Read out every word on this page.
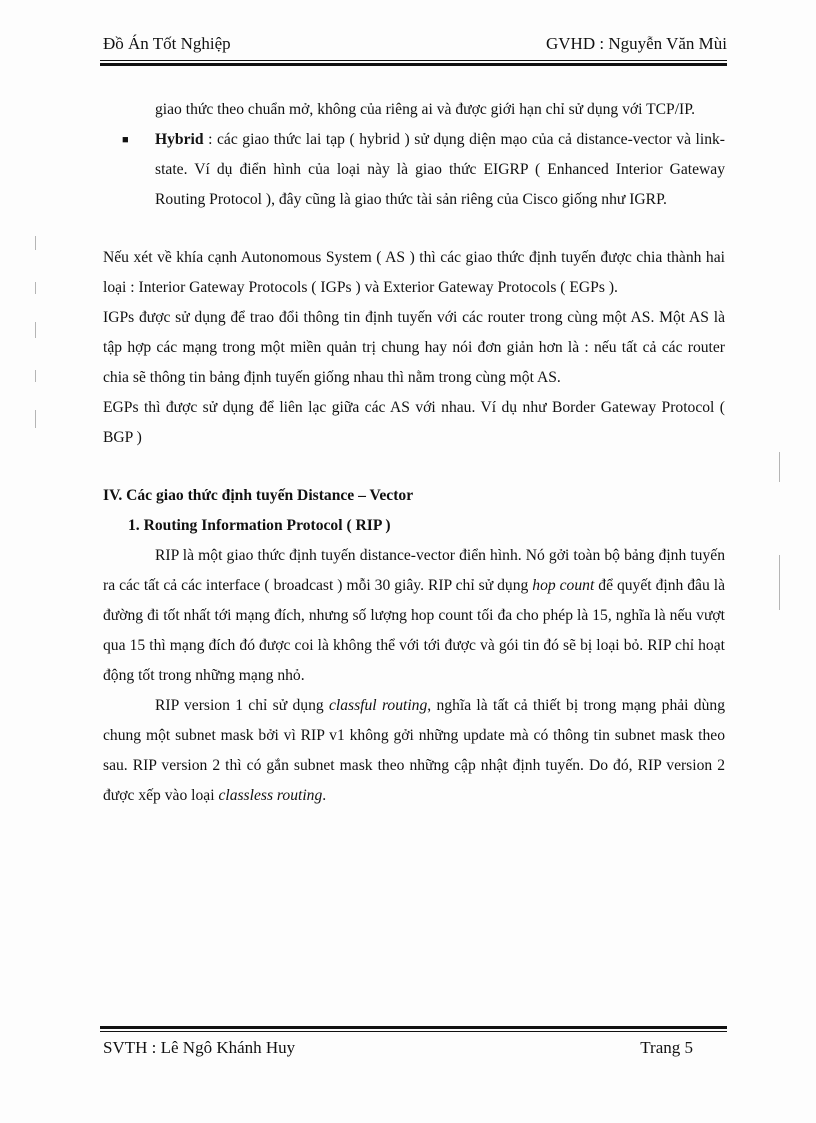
Đồ Án Tốt Nghiệp	GVHD : Nguyễn Văn Mùi

giao thức theo chuẩn mở, không của riêng ai và được giới hạn chỉ sử dụng với TCP/IP.

■ Hybrid : các giao thức lai tạp ( hybrid ) sử dụng diện mạo của cả distance-vector và link-state. Ví dụ điển hình của loại này là giao thức EIGRP ( Enhanced Interior Gateway Routing Protocol ), đây cũng là giao thức tài sản riêng của Cisco giống như IGRP.

Nếu xét về khía cạnh Autonomous System ( AS ) thì các giao thức định tuyến được chia thành hai loại : Interior Gateway Protocols ( IGPs ) và Exterior Gateway Protocols ( EGPs ).

IGPs được sử dụng để trao đổi thông tin định tuyến với các router trong cùng một AS. Một AS là tập hợp các mạng trong một miền quản trị chung hay nói đơn giản hơn là : nếu tất cả các router chia sẽ thông tin bảng định tuyến giống nhau thì nằm trong cùng một AS.

EGPs thì được sử dụng để liên lạc giữa các AS với nhau. Ví dụ như Border Gateway Protocol ( BGP )

IV. Các giao thức định tuyến Distance – Vector

1. Routing Information Protocol ( RIP )

RIP là một giao thức định tuyến distance-vector điển hình. Nó gởi toàn bộ bảng định tuyến ra các tất cả các interface ( broadcast ) mỗi 30 giây. RIP chỉ sử dụng hop count để quyết định đâu là đường đi tốt nhất tới mạng đích, nhưng số lượng hop count tối đa cho phép là 15, nghĩa là nếu vượt qua 15 thì mạng đích đó được coi là không thể với tới được và gói tin đó sẽ bị loại bỏ. RIP chỉ hoạt động tốt trong những mạng nhỏ.

RIP version 1 chỉ sử dụng classful routing, nghĩa là tất cả thiết bị trong mạng phải dùng chung một subnet mask bởi vì RIP v1 không gởi những update mà có thông tin subnet mask theo sau. RIP version 2 thì có gắn subnet mask theo những cập nhật định tuyến. Do đó, RIP version 2 được xếp vào loại classless routing.

SVTH : Lê Ngô Khánh Huy	Trang 5
